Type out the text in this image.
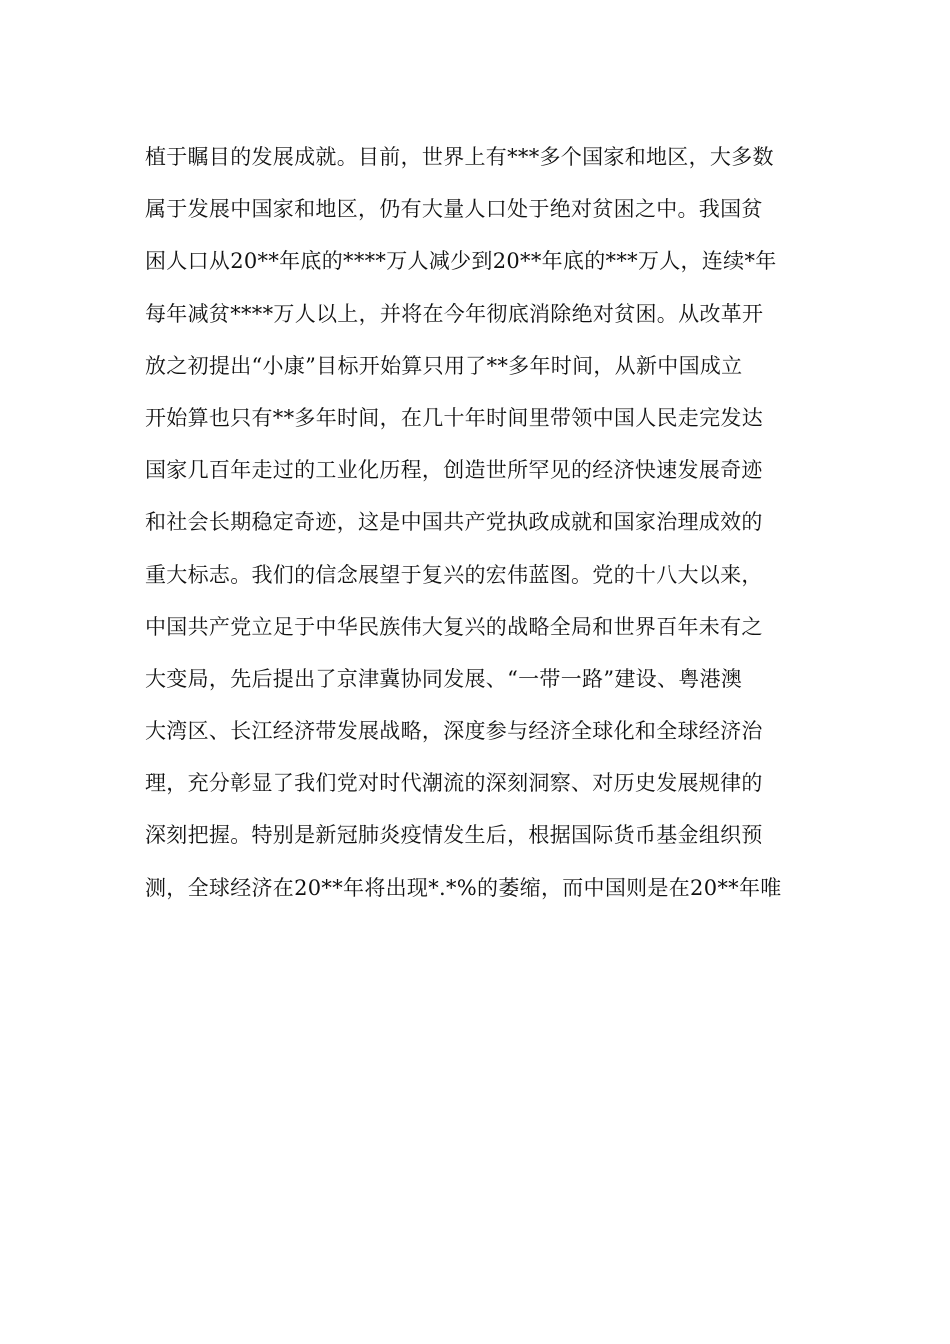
植于瞩目的发展成就。目前，世界上有***多个国家和地区，大多数
属于发展中国家和地区，仍有大量人口处于绝对贫困之中。我国贫
困人口从20**年底的****万人减少到20**年底的***万人，连续*年
每年减贫****万人以上，并将在今年彻底消除绝对贫困。从改革开
放之初提出“小康”目标开始算只用了**多年时间，从新中国成立
开始算也只有**多年时间，在几十年时间里带领中国人民走完发达
国家几百年走过的工业化历程，创造世所罕见的经济快速发展奇迹
和社会长期稳定奇迹，这是中国共产党执政成就和国家治理成效的
重大标志。我们的信念展望于复兴的宏伟蓝图。党的十八大以来，
中国共产党立足于中华民族伟大复兴的战略全局和世界百年未有之
大变局，先后提出了京津冀协同发展、“一带一路”建设、粤港澳
大湾区、长江经济带发展战略，深度参与经济全球化和全球经济治
理，充分彰显了我们党对时代潮流的深刻洞察、对历史发展规律的
深刻把握。特别是新冠肺炎疫情发生后，根据国际货币基金组织预
测，全球经济在20**年将出现*.*%的萎缩，而中国则是在20**年唯
